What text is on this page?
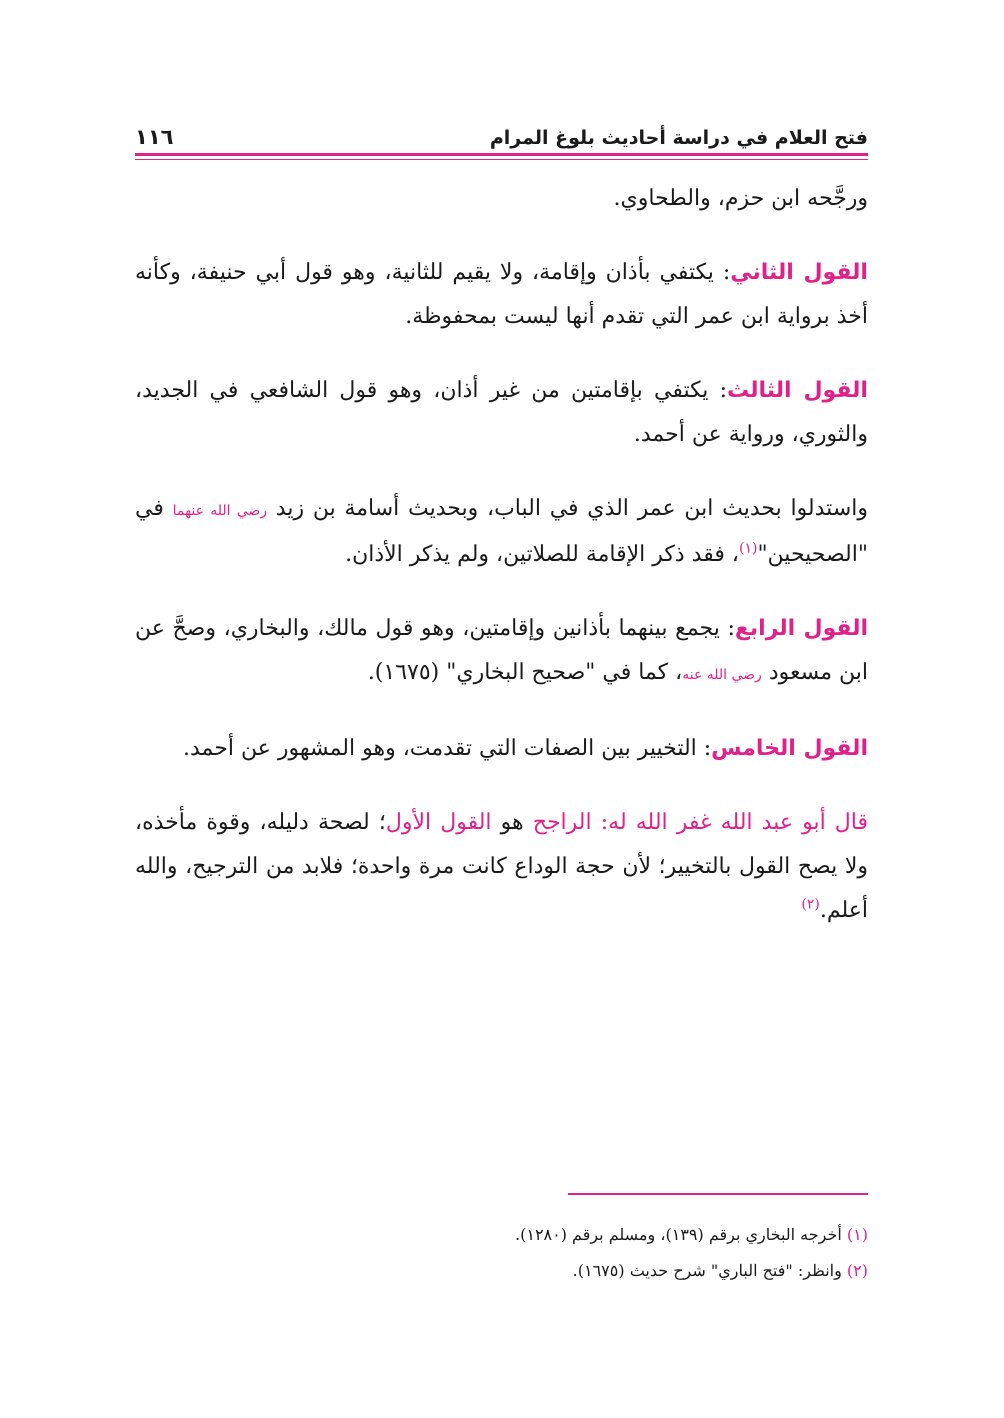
فتح العلام في دراسة أحاديث بلوغ المرام
١١٦

ورجَّحه ابن حزم، والطحاوي.

القول الثاني: يكتفي بأذان وإقامة، ولا يقيم للثانية، وهو قول أبي حنيفة، وكأنه أخذ برواية ابن عمر التي تقدم أنها ليست بمحفوظة.

القول الثالث: يكتفي بإقامتين من غير أذان، وهو قول الشافعي في الجديد، والثوري، ورواية عن أحمد.

واستدلوا بحديث ابن عمر الذي في الباب، وبحديث أسامة بن زيد رضي الله عنهما في "الصحيحين"$^{(١)}$، فقد ذكر الإقامة للصلاتين، ولم يذكر الأذان.

القول الرابع: يجمع بينهما بأذانين وإقامتين، وهو قول مالك، والبخاري، وصحَّ عن ابن مسعود رضي الله عنه، كما في "صحيح البخاري" (١٦٧٥).

القول الخامس: التخيير بين الصفات التي تقدمت، وهو المشهور عن أحمد.

قال أبو عبد الله غفر الله له: الراجح هو القول الأول؛ لصحة دليله، وقوة مأخذه، ولا يصح القول بالتخيير؛ لأن حجة الوداع كانت مرة واحدة؛ فلابد من الترجيح، والله أعلم.$^{(٢)}$

(١) أخرجه البخاري برقم (١٣٩)، ومسلم برقم (١٢٨٠).

(٢) وانظر: "فتح الباري" شرح حديث (١٦٧٥).
